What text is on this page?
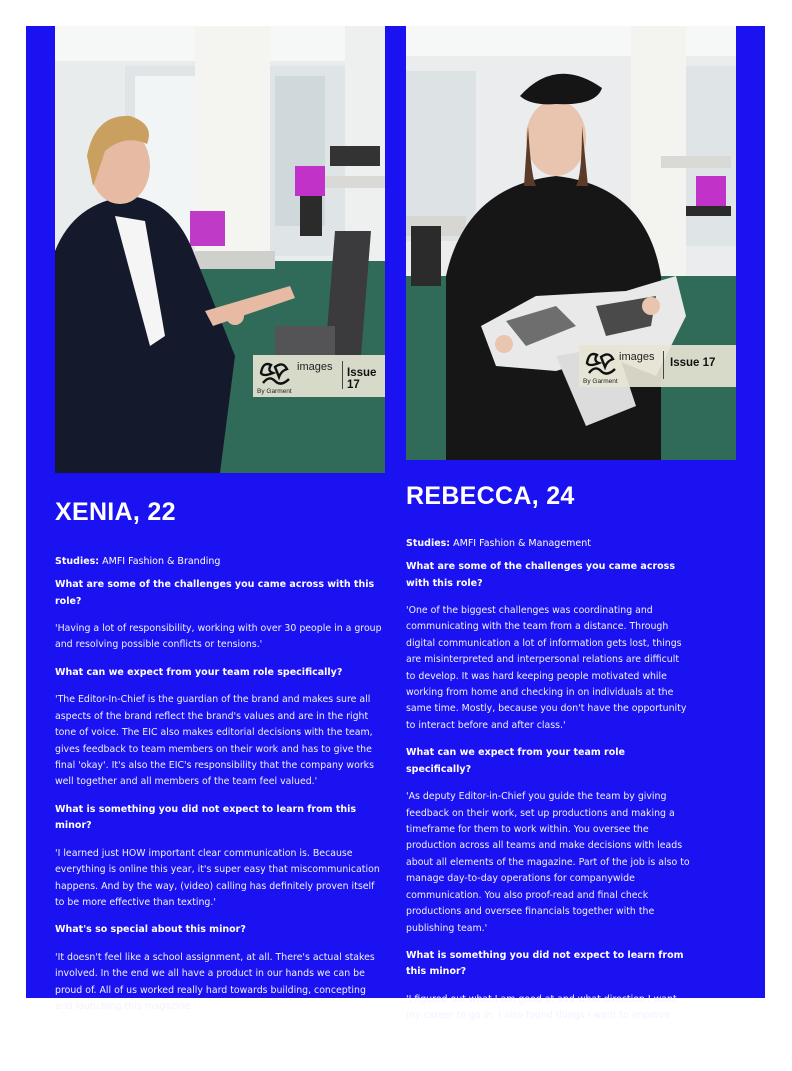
images
By Garment
Issue 17
images
By Garment
Issue 17
XENIA, 22

Studies: AMFI Fashion & Branding

What are some of the challenges you came across with this role?

'Having a lot of responsibility, working with over 30 people in a group and resolving possible conflicts or tensions.'

What can we expect from your team role specifically?

'The Editor-In-Chief is the guardian of the brand and makes sure all aspects of the brand reflect the brand's values and are in the right tone of voice. The EIC also makes editorial decisions with the team, gives feedback to team members on their work and has to give the final 'okay'. It's also the EIC's responsibility that the company works well together and all members of the team feel valued.'

What is something you did not expect to learn from this minor?

'I learned just HOW important clear communication is. Because everything is online this year, it's super easy that miscommunication happens. And by the way, (video) calling has definitely proven itself to be more effective than texting.'

What's so special about this minor?

'It doesn't feel like a school assignment, at all. There's actual stakes involved. In the end we all have a product in our hands we can be proud of. All of us worked really hard towards building, concepting and launching this magazine.'

After this minor what will you take with you into your future work environment?

REBECCA, 24

Studies: AMFI Fashion & Management

What are some of the challenges you came across with this role?

'One of the biggest challenges was coordinating and communicating with the team from a distance. Through digital communication a lot of information gets lost, things are misinterpreted and interpersonal relations are difficult to develop. It was hard keeping people motivated while working from home and checking in on individuals at the same time. Mostly, because you don't have the opportunity to interact before and after class.'

What can we expect from your team role specifically?

'As deputy Editor-in-Chief you guide the team by giving feedback on their work, set up productions and making a timeframe for them to work within. You oversee the production across all teams and make decisions with leads about all elements of the magazine. Part of the job is also to manage day-to-day operations for companywide communication. You also proof-read and final check productions and oversee financials together with the publishing team.'

What is something you did not expect to learn from this minor?

'I figured out what I am good at and what direction I want my career to go in. I also found things I want to improve
